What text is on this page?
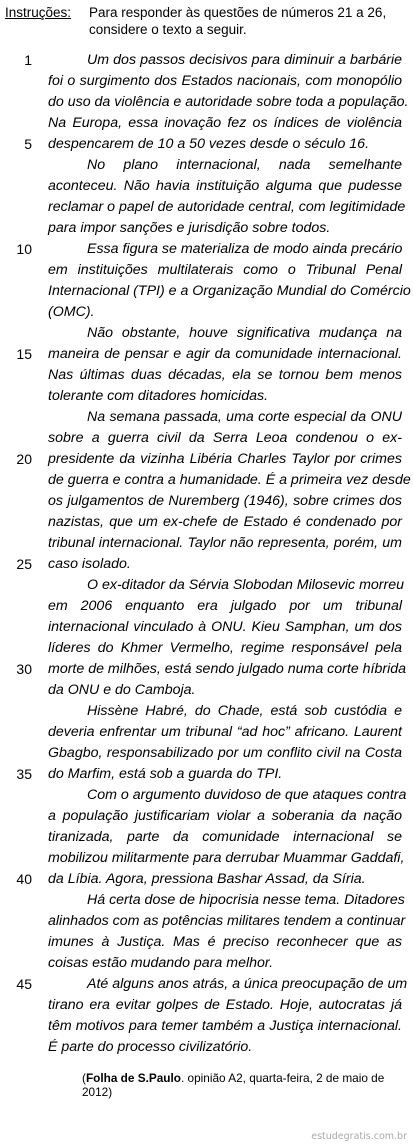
Instruções: Para responder às questões de números 21 a 26, considere o texto a seguir.
1	Um dos passos decisivos para diminuir a barbárie
foi o surgimento dos Estados nacionais, com monopólio
do uso da violência e autoridade sobre toda a população.
Na Europa, essa inovação fez os índices de violência
5 despencarem de 10 a 50 vezes desde o século 16.
No plano internacional, nada semelhante
aconteceu. Não havia instituição alguma que pudesse
reclamar o papel de autoridade central, com legitimidade
para impor sanções e jurisdição sobre todos.
10	Essa figura se materializa de modo ainda precário
em instituições multilaterais como o Tribunal Penal
Internacional (TPI) e a Organização Mundial do Comércio
(OMC).
Não obstante, houve significativa mudança na
15 maneira de pensar e agir da comunidade internacional.
Nas últimas duas décadas, ela se tornou bem menos
tolerante com ditadores homicidas.
Na semana passada, uma corte especial da ONU
sobre a guerra civil da Serra Leoa condenou o ex-
20 presidente da vizinha Libéria Charles Taylor por crimes
de guerra e contra a humanidade. É a primeira vez desde
os julgamentos de Nuremberg (1946), sobre crimes dos
nazistas, que um ex-chefe de Estado é condenado por
tribunal internacional. Taylor não representa, porém, um
25 caso isolado.
O ex-ditador da Sérvia Slobodan Milosevic morreu
em 2006 enquanto era julgado por um tribunal
internacional vinculado à ONU. Kieu Samphan, um dos
líderes do Khmer Vermelho, regime responsável pela
30 morte de milhões, está sendo julgado numa corte híbrida
da ONU e do Camboja.
Hissène Habré, do Chade, está sob custódia e
deveria enfrentar um tribunal “ad hoc” africano. Laurent
Gbagbo, responsabilizado por um conflito civil na Costa
35 do Marfim, está sob a guarda do TPI.
Com o argumento duvidoso de que ataques contra
a população justificariam violar a soberania da nação
tiranizada, parte da comunidade internacional se
mobilizou militarmente para derrubar Muammar Gaddafi,
40 da Líbia. Agora, pressiona Bashar Assad, da Síria.
Há certa dose de hipocrisia nesse tema. Ditadores
alinhados com as potências militares tendem a continuar
imunes à Justiça. Mas é preciso reconhecer que as
coisas estão mudando para melhor.
45	Até alguns anos atrás, a única preocupação de um
tirano era evitar golpes de Estado. Hoje, autocratas já
têm motivos para temer também a Justiça internacional.
É parte do processo civilizatório.
(Folha de S.Paulo. opinião A2, quarta-feira, 2 de maio de 2012)
estudegratis.com.br
